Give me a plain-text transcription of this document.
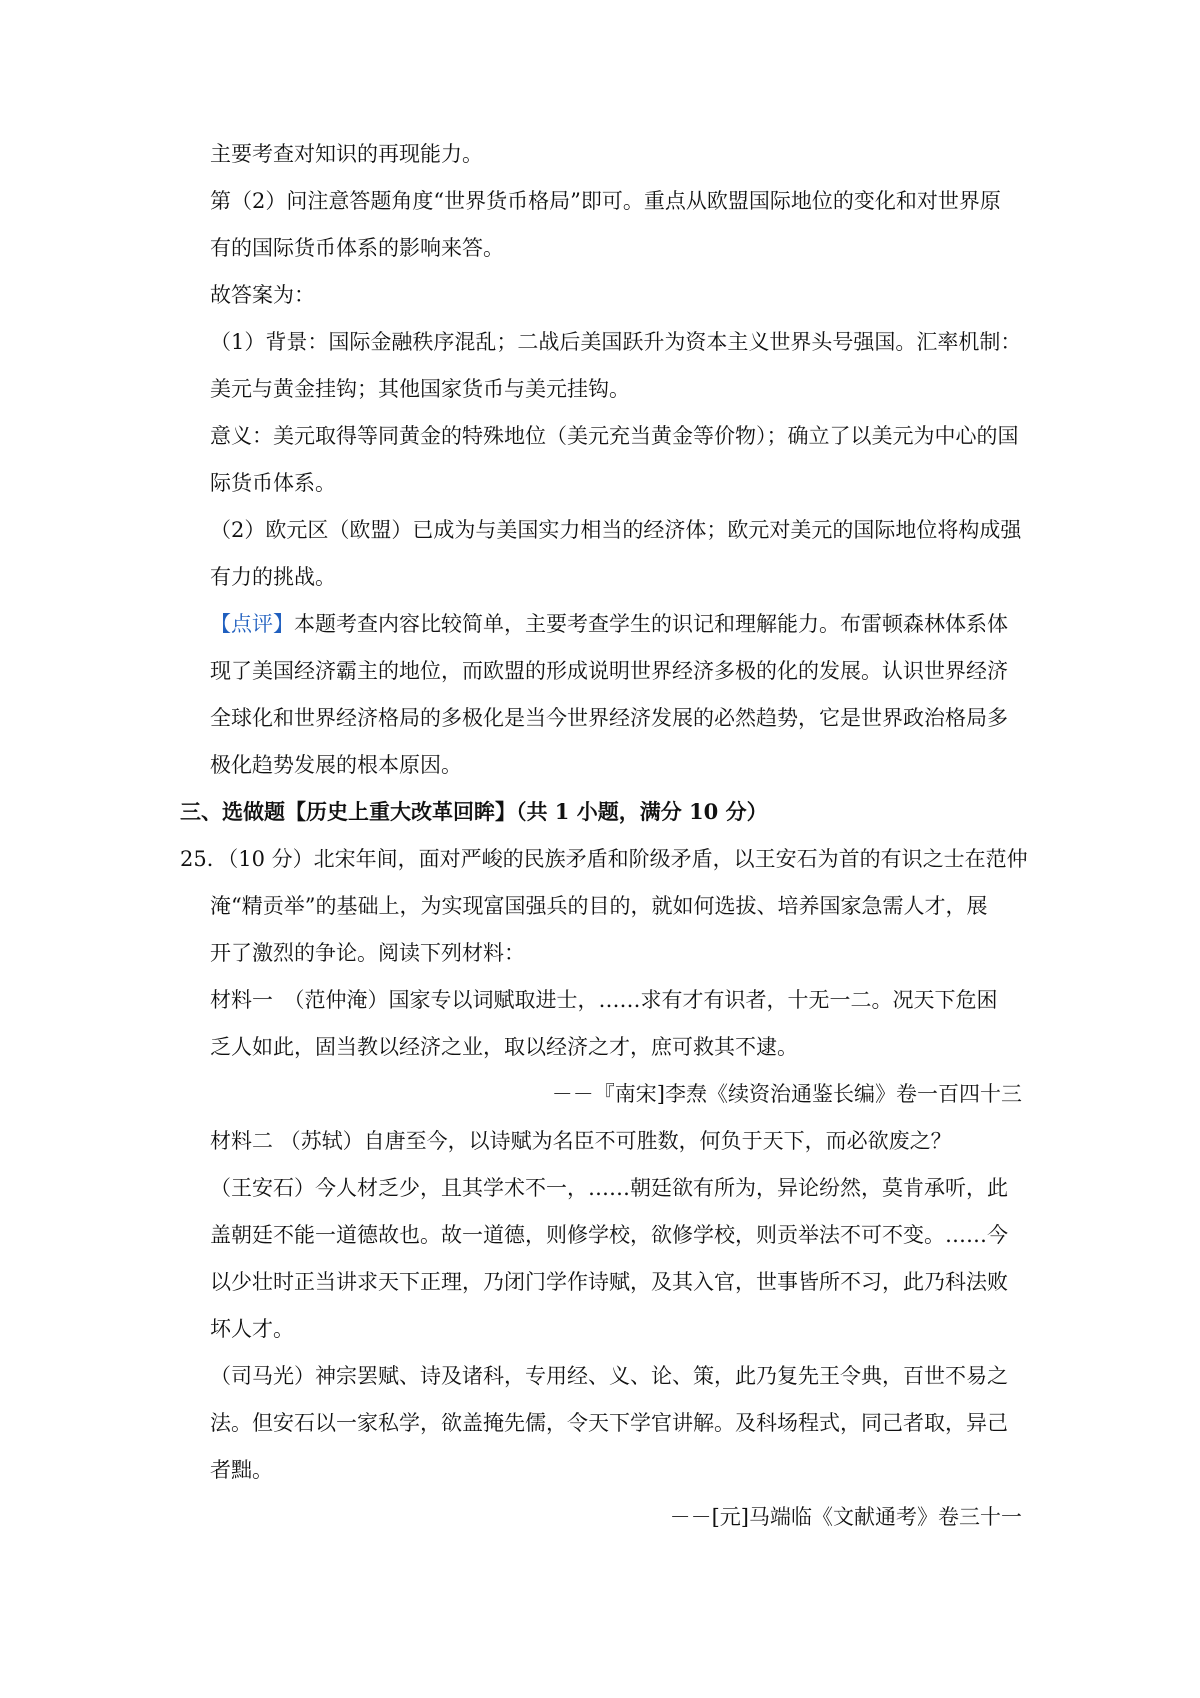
主要考查对知识的再现能力。
第（2）问注意答题角度“世界货币格局”即可。重点从欧盟国际地位的变化和对世界原
有的国际货币体系的影响来答。
故答案为：
（1）背景：国际金融秩序混乱；二战后美国跃升为资本主义世界头号强国。汇率机制：
美元与黄金挂钩；其他国家货币与美元挂钩。
意义：美元取得等同黄金的特殊地位（美元充当黄金等价物）；确立了以美元为中心的国
际货币体系。
（2）欧元区（欧盟）已成为与美国实力相当的经济体；欧元对美元的国际地位将构成强
有力的挑战。
【点评】本题考查内容比较简单，主要考查学生的识记和理解能力。布雷顿森林体系体
现了美国经济霸主的地位，而欧盟的形成说明世界经济多极的化的发展。认识世界经济
全球化和世界经济格局的多极化是当今世界经济发展的必然趋势，它是世界政治格局多
极化趋势发展的根本原因。
三、选做题【历史上重大改革回眸】（共 1 小题，满分 10 分）
25．（10 分）北宋年间，面对严峻的民族矛盾和阶级矛盾，以王安石为首的有识之士在范仲
淹“精贡举”的基础上，为实现富国强兵的目的，就如何选拔、培养国家急需人才，展
开了激烈的争论。阅读下列材料：
材料一　（范仲淹）国家专以词赋取进士，……求有才有识者，十无一二。况天下危困
乏人如此，固当教以经济之业，取以经济之才，庶可救其不逮。
－－『南宋]李焘《续资治通鉴长编》卷一百四十三
材料二 （苏轼）自唐至今，以诗赋为名臣不可胜数，何负于天下，而必欲废之？
（王安石）今人材乏少，且其学术不一，……朝廷欲有所为，异论纷然，莫肯承听，此
盖朝廷不能一道德故也。故一道德，则修学校，欲修学校，则贡举法不可不变。……今
以少壮时正当讲求天下正理，乃闭门学作诗赋，及其入官，世事皆所不习，此乃科法败
坏人才。
（司马光）神宗罢赋、诗及诸科，专用经、义、论、策，此乃复先王令典，百世不易之
法。但安石以一家私学，欲盖掩先儒，令天下学官讲解。及科场程式，同己者取，异己
者黜。
－－[元]马端临《文献通考》卷三十一
